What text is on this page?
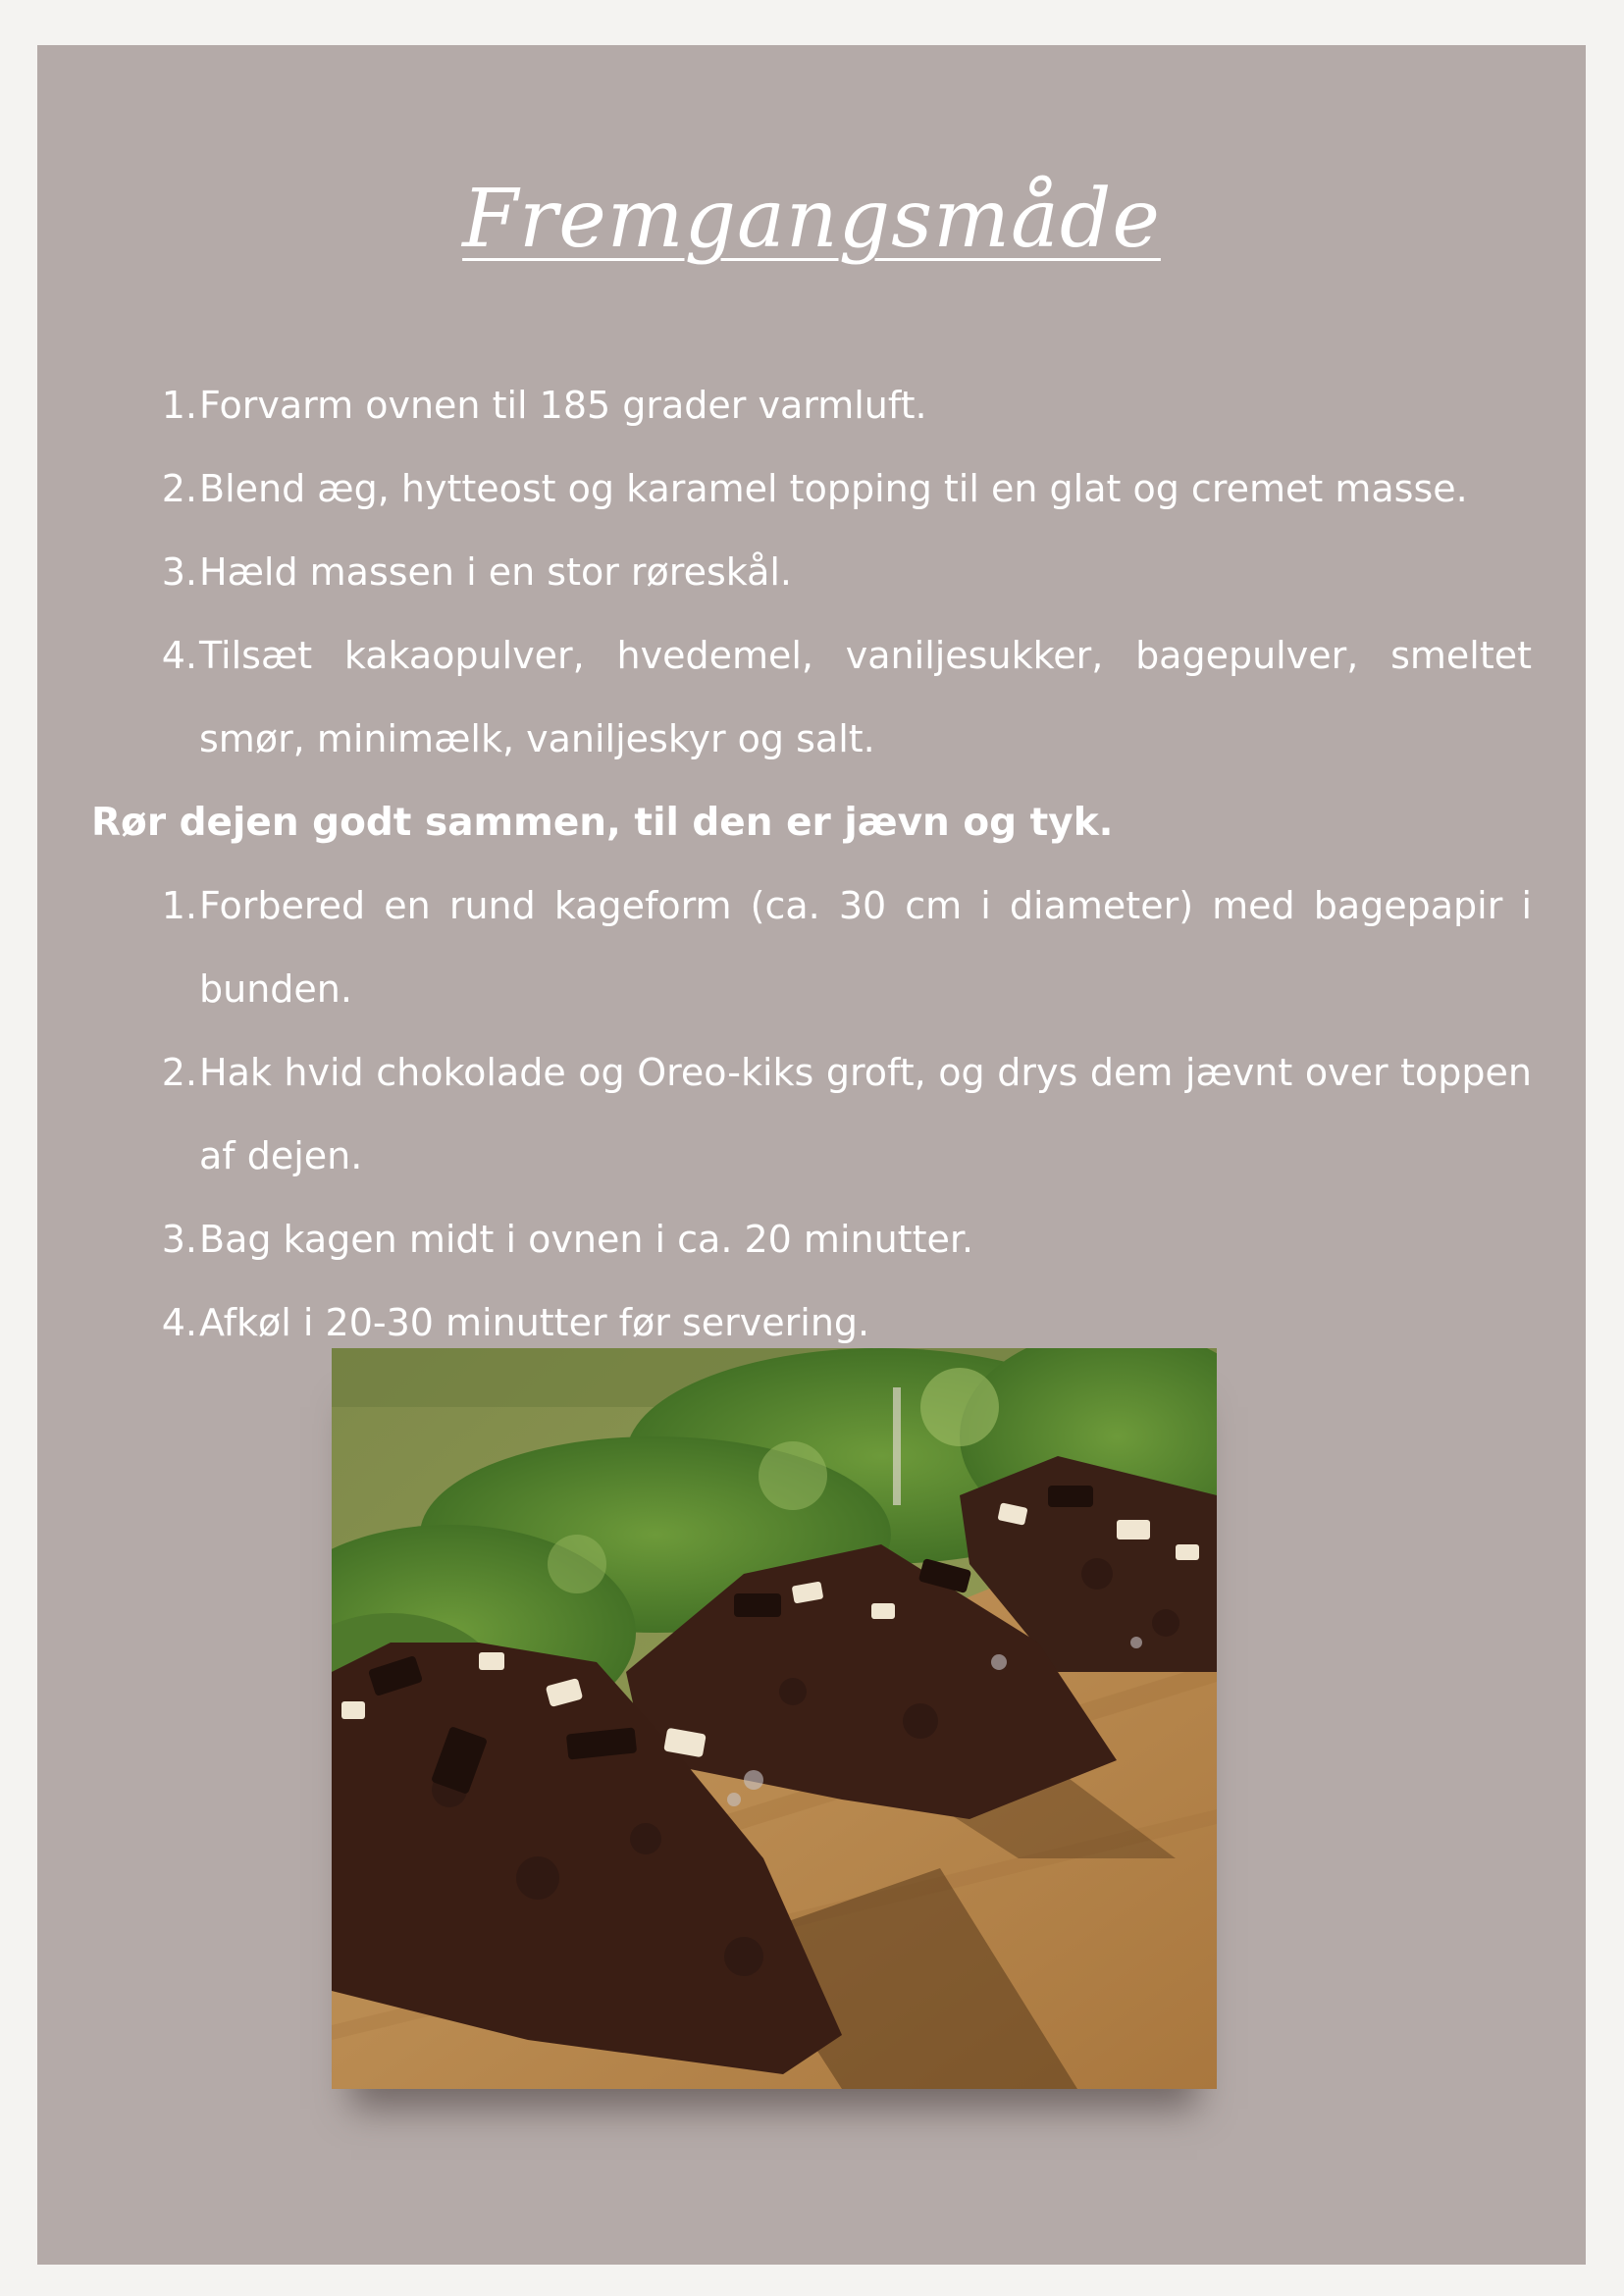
Fremgangsmåde
1. Forvarm ovnen til 185 grader varmluft.
2. Blend æg, hytteost og karamel topping til en glat og cremet masse.
3. Hæld massen i en stor røreskål.
4. Tilsæt kakaopulver, hvedemel, vaniljesukker, bagepulver, smeltet smør, minimælk, vaniljeskyr og salt.
Rør dejen godt sammen, til den er jævn og tyk.
1. Forbered en rund kageform (ca. 30 cm i diameter) med bagepapir i bunden.
2. Hak hvid chokolade og Oreo-kiks groft, og drys dem jævnt over toppen af dejen.
3. Bag kagen midt i ovnen i ca. 20 minutter.
4. Afkøl i 20-30 minutter før servering.
